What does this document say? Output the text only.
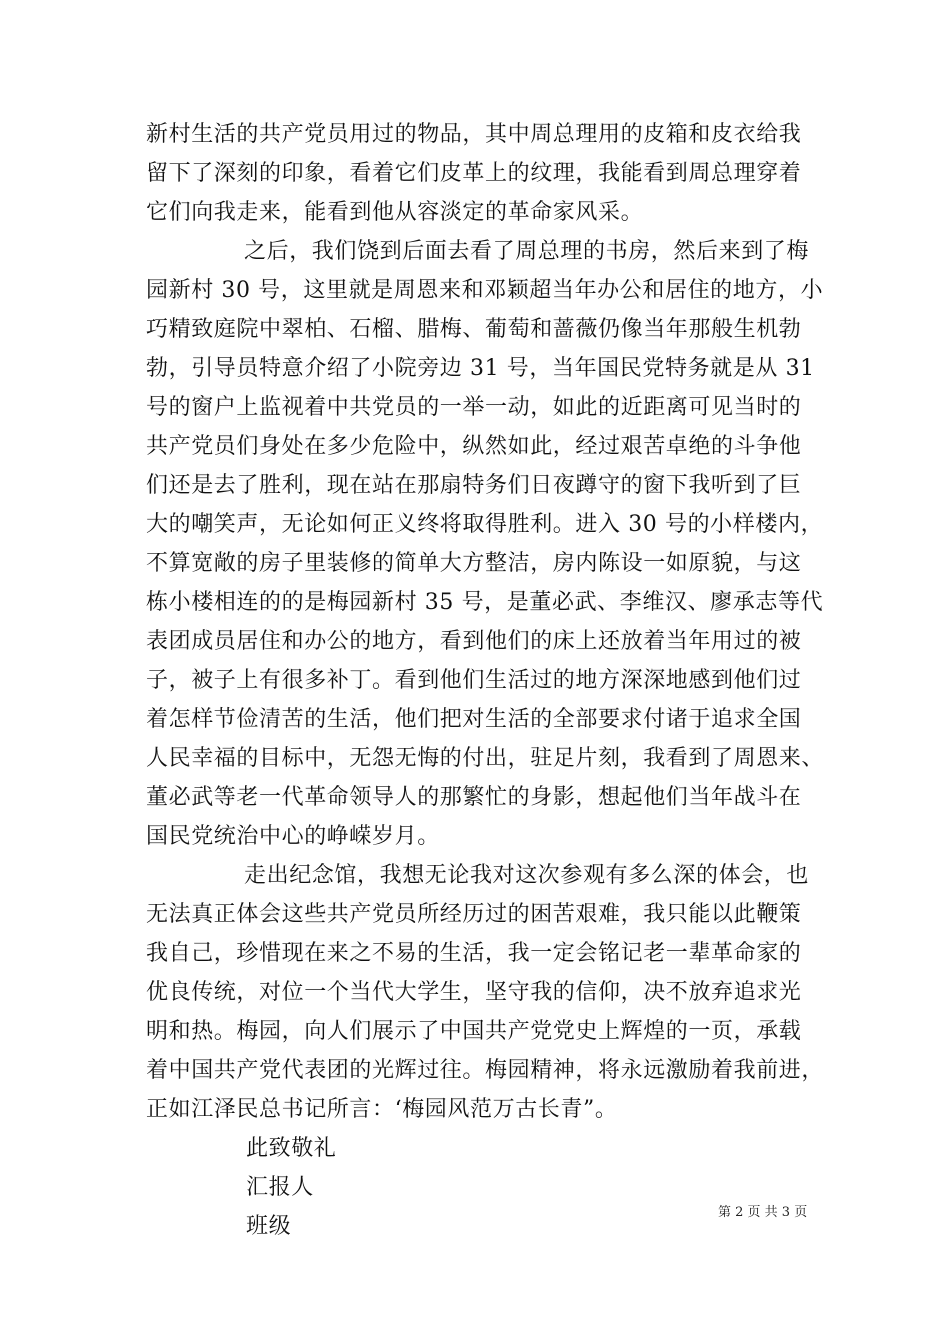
新村生活的共产党员用过的物品，其中周总理用的皮箱和皮衣给我
留下了深刻的印象，看着它们皮革上的纹理，我能看到周总理穿着
它们向我走来，能看到他从容淡定的革命家风采。
之后，我们饶到后面去看了周总理的书房，然后来到了梅
园新村 30 号，这里就是周恩来和邓颖超当年办公和居住的地方，小
巧精致庭院中翠柏、石榴、腊梅、葡萄和蔷薇仍像当年那般生机勃
勃，引导员特意介绍了小院旁边 31 号，当年国民党特务就是从 31
号的窗户上监视着中共党员的一举一动，如此的近距离可见当时的
共产党员们身处在多少危险中，纵然如此，经过艰苦卓绝的斗争他
们还是去了胜利，现在站在那扇特务们日夜蹲守的窗下我听到了巨
大的嘲笑声，无论如何正义终将取得胜利。进入 30 号的小样楼内，
不算宽敞的房子里装修的简单大方整洁，房内陈设一如原貌，与这
栋小楼相连的的是梅园新村 35 号，是董必武、李维汉、廖承志等代
表团成员居住和办公的地方，看到他们的床上还放着当年用过的被
子，被子上有很多补丁。看到他们生活过的地方深深地感到他们过
着怎样节俭清苦的生活，他们把对生活的全部要求付诸于追求全国
人民幸福的目标中，无怨无悔的付出，驻足片刻，我看到了周恩来、
董必武等老一代革命领导人的那繁忙的身影，想起他们当年战斗在
国民党统治中心的峥嵘岁月。
走出纪念馆，我想无论我对这次参观有多么深的体会，也
无法真正体会这些共产党员所经历过的困苦艰难，我只能以此鞭策
我自己，珍惜现在来之不易的生活，我一定会铭记老一辈革命家的
优良传统，对位一个当代大学生，坚守我的信仰，决不放弃追求光
明和热。梅园，向人们展示了中国共产党党史上辉煌的一页，承载
着中国共产党代表团的光辉过往。梅园精神，将永远激励着我前进，
正如江泽民总书记所言：‘梅园风范万古长青”。
此致敬礼
汇报人
班级
第 2 页 共 3 页
